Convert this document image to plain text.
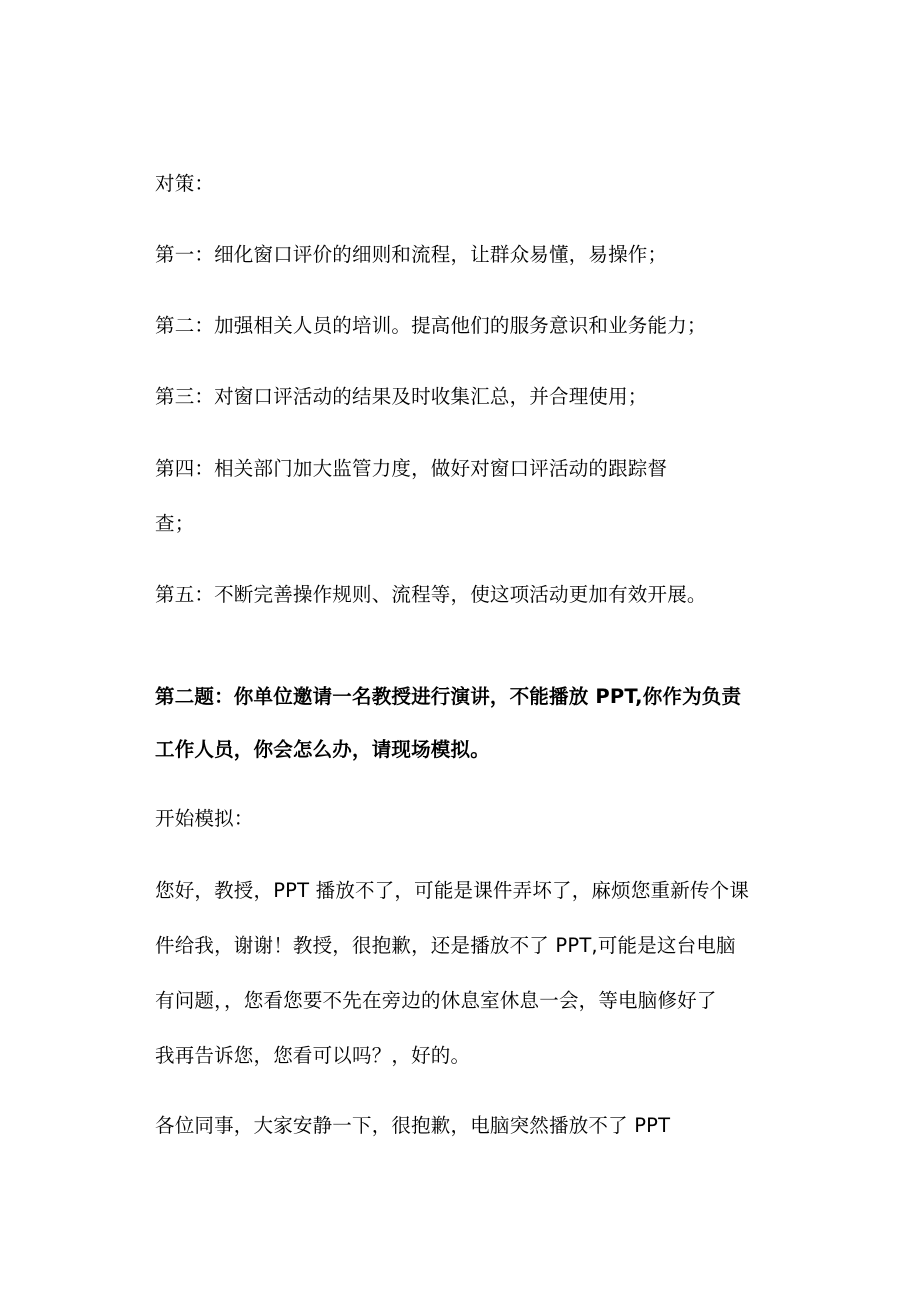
对策：
第一：细化窗口评价的细则和流程，让群众易懂，易操作；
第二：加强相关人员的培训。提高他们的服务意识和业务能力；
第三：对窗口评活动的结果及时收集汇总，并合理使用；
第四：相关部门加大监管力度，做好对窗口评活动的跟踪督
查；
第五：不断完善操作规则、流程等，使这项活动更加有效开展。
第二题：你单位邀请一名教授进行演讲，不能播放 PPT,你作为负责
工作人员，你会怎么办，请现场模拟。
开始模拟：
您好，教授，PPT 播放不了，可能是课件弄坏了，麻烦您重新传个课
件给我，谢谢！教授，很抱歉，还是播放不了 PPT,可能是这台电脑
有问题，，您看您要不先在旁边的休息室休息一会，等电脑修好了
我再告诉您，您看可以吗？，好的。
各位同事，大家安静一下，很抱歉，电脑突然播放不了 PPT
